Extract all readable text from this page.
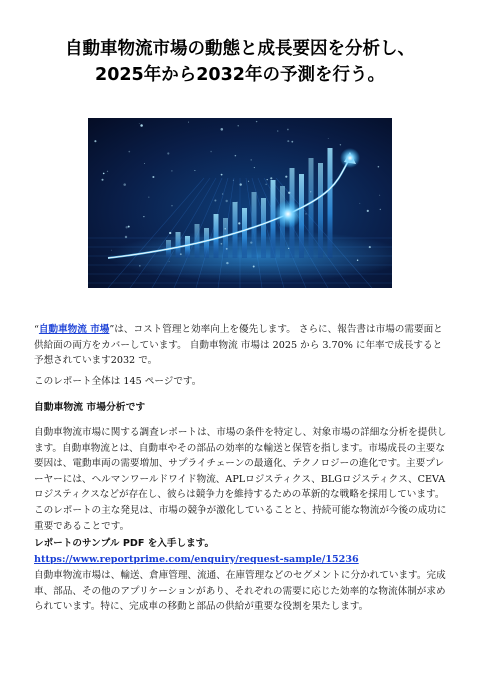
自動車物流市場の動態と成長要因を分析し、
2025年から2032年の予測を行う。

“自動車物流 市場”は、コスト管理と効率向上を優先します。 さらに、報告書は市場の需要面と供給面の両方をカバーしています。 自動車物流 市場は 2025 から 3.70% に年率で成長すると予想されています2032 で。

このレポート全体は 145 ページです。

自動車物流 市場分析です

自動車物流市場に関する調査レポートは、市場の条件を特定し、対象市場の詳細な分析を提供します。自動車物流とは、自動車やその部品の効率的な輸送と保管を指します。市場成長の主要な要因は、電動車両の需要増加、サプライチェーンの最適化、テクノロジーの進化です。主要プレーヤーには、ヘルマンワールドワイド物流、APLロジスティクス、BLGロジスティクス、CEVAロジスティクスなどが存在し、彼らは競争力を維持するための革新的な戦略を採用しています。このレポートの主な発見は、市場の競争が激化していることと、持続可能な物流が今後の成功に重要であることです。

レポートのサンプル PDF を入手します。 https://www.reportprime.com/enquiry/request-sample/15236

自動車物流市場は、輸送、倉庫管理、流通、在庫管理などのセグメントに分かれています。完成車、部品、その他のアプリケーションがあり、それぞれの需要に応じた効率的な物流体制が求められています。特に、完成車の移動と部品の供給が重要な役割を果たします。
